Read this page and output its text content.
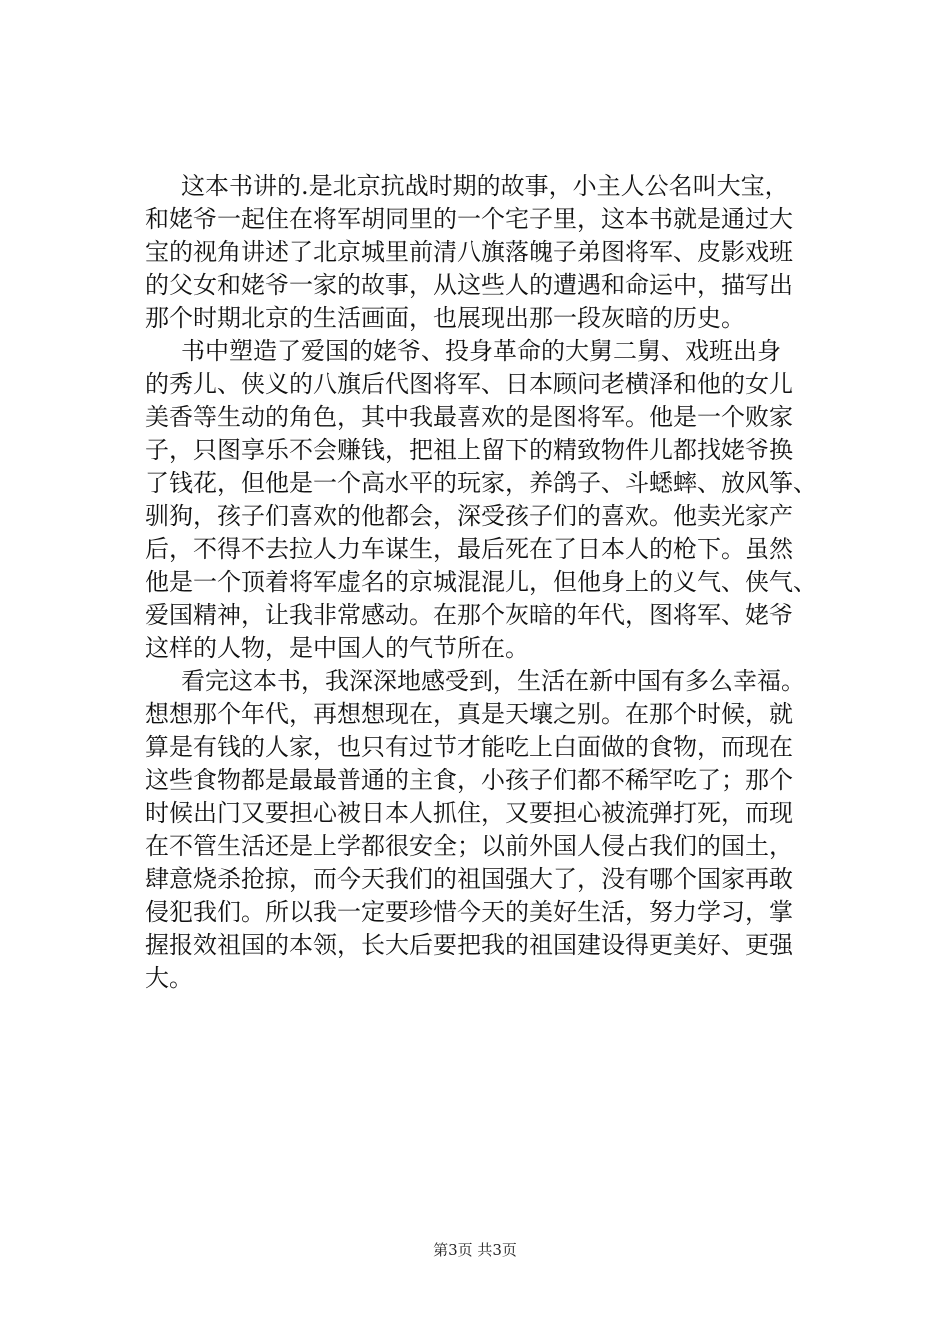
这本书讲的.是北京抗战时期的故事，小主人公名叫大宝，
和姥爷一起住在将军胡同里的一个宅子里，这本书就是通过大
宝的视角讲述了北京城里前清八旗落魄子弟图将军、皮影戏班
的父女和姥爷一家的故事，从这些人的遭遇和命运中，描写出
那个时期北京的生活画面，也展现出那一段灰暗的历史。
书中塑造了爱国的姥爷、投身革命的大舅二舅、戏班出身
的秀儿、侠义的八旗后代图将军、日本顾问老横泽和他的女儿
美香等生动的角色，其中我最喜欢的是图将军。他是一个败家
子，只图享乐不会赚钱，把祖上留下的精致物件儿都找姥爷换
了钱花，但他是一个高水平的玩家，养鸽子、斗蟋蟀、放风筝、
驯狗，孩子们喜欢的他都会，深受孩子们的喜欢。他卖光家产
后，不得不去拉人力车谋生，最后死在了日本人的枪下。虽然
他是一个顶着将军虚名的京城混混儿，但他身上的义气、侠气、
爱国精神，让我非常感动。在那个灰暗的年代，图将军、姥爷
这样的人物，是中国人的气节所在。
看完这本书，我深深地感受到，生活在新中国有多么幸福。
想想那个年代，再想想现在，真是天壤之别。在那个时候，就
算是有钱的人家，也只有过节才能吃上白面做的食物，而现在
这些食物都是最最普通的主食，小孩子们都不稀罕吃了；那个
时候出门又要担心被日本人抓住，又要担心被流弹打死，而现
在不管生活还是上学都很安全；以前外国人侵占我们的国土，
肆意烧杀抢掠，而今天我们的祖国强大了，没有哪个国家再敢
侵犯我们。所以我一定要珍惜今天的美好生活，努力学习，掌
握报效祖国的本领，长大后要把我的祖国建设得更美好、更强
大。
第3页 共3页
